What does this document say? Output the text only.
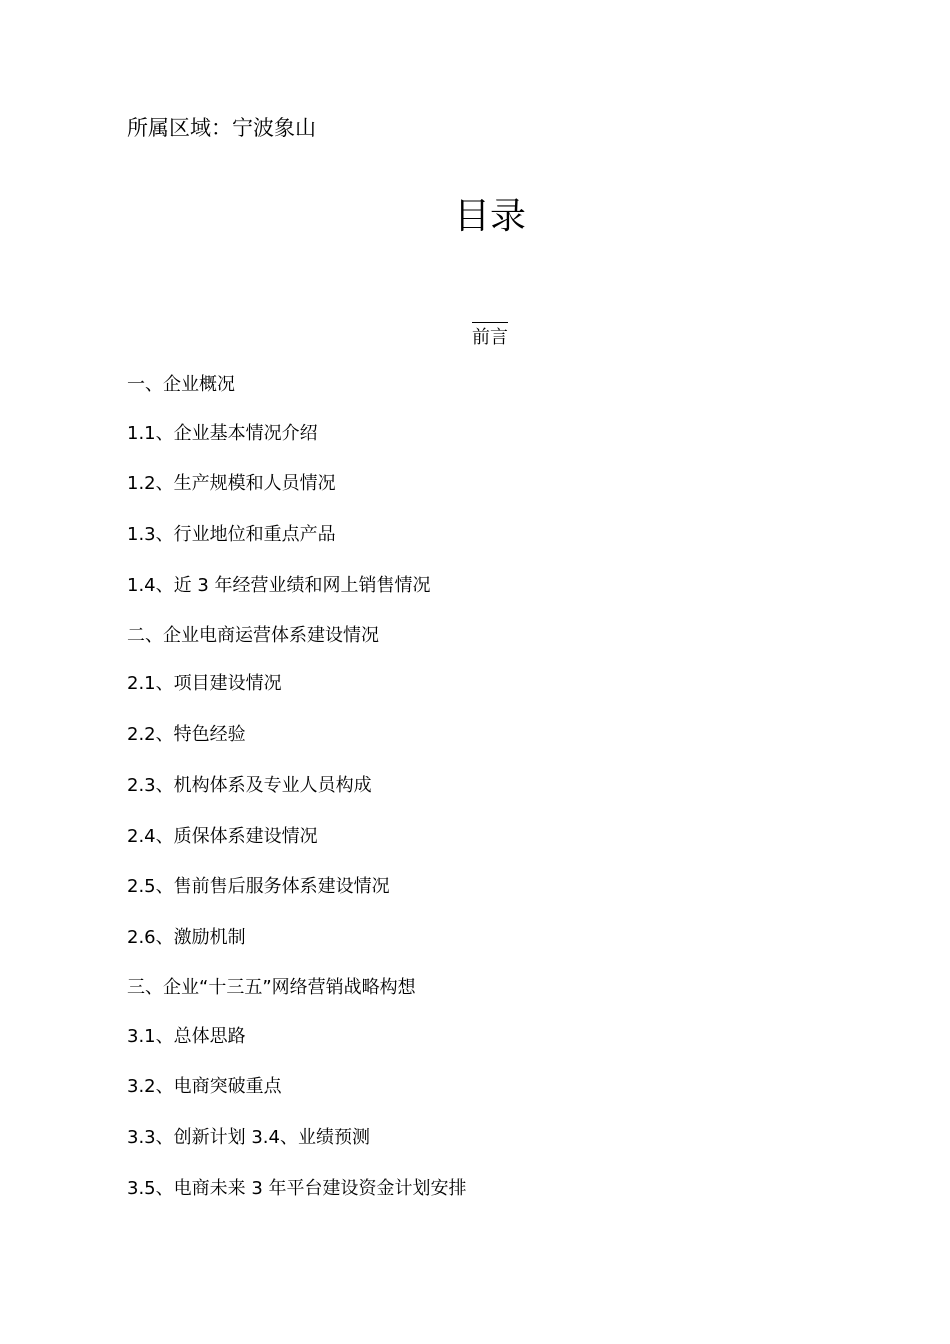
所属区域：宁波象山
目录
前言
一、企业概况
1.1、企业基本情况介绍
1.2、生产规模和人员情况
1.3、行业地位和重点产品
1.4、近 3 年经营业绩和网上销售情况
二、企业电商运营体系建设情况
2.1、项目建设情况
2.2、特色经验
2.3、机构体系及专业人员构成
2.4、质保体系建设情况
2.5、售前售后服务体系建设情况
2.6、激励机制
三、企业“十三五”网络营销战略构想
3.1、总体思路
3.2、电商突破重点
3.3、创新计划 3.4、业绩预测
3.5、电商未来 3 年平台建设资金计划安排
